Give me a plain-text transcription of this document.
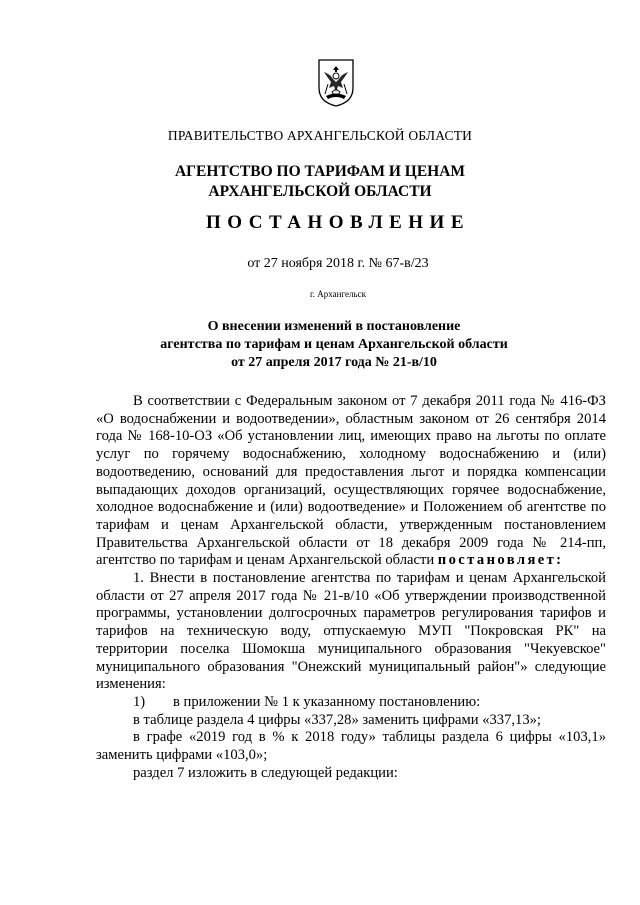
ПРАВИТЕЛЬСТВО АРХАНГЕЛЬСКОЙ ОБЛАСТИ
АГЕНТСТВО ПО ТАРИФАМ И ЦЕНАМ
АРХАНГЕЛЬСКОЙ ОБЛАСТИ
ПОСТАНОВЛЕНИЕ
от 27 ноября 2018 г. № 67-в/23
г. Архангельск
О внесении изменений в постановление
агентства по тарифам и ценам Архангельской области
от 27 апреля 2017 года № 21-в/10

В соответствии с Федеральным законом от 7 декабря 2011 года № 416-ФЗ «О водоснабжении и водоотведении», областным законом от 26 сентября 2014 года № 168-10-ОЗ «Об установлении лиц, имеющих право на льготы по оплате услуг по горячему водоснабжению, холодному водоснабжению и (или) водоотведению, оснований для предоставления льгот и порядка компенсации выпадающих доходов организаций, осуществляющих горячее водоснабжение, холодное водоснабжение и (или) водоотведение» и Положением об агентстве по тарифам и ценам Архангельской области, утвержденным постановлением Правительства Архангельской области от 18 декабря 2009 года № 214-пп, агентство по тарифам и ценам Архангельской области постановляет:

1. Внести в постановление агентства по тарифам и ценам Архангельской области от 27 апреля 2017 года № 21-в/10 «Об утверждении производственной программы, установлении долгосрочных параметров регулирования тарифов и тарифов на техническую воду, отпускаемую МУП "Покровская РК" на территории поселка Шомокша муниципального образования "Чекуевское" муниципального образования "Онежский муниципальный район"» следующие изменения:

1) в приложении № 1 к указанному постановлению:

в таблице раздела 4 цифры «337,28» заменить цифрами «337,13»;

в графе «2019 год в % к 2018 году» таблицы раздела 6 цифры «103,1» заменить цифрами «103,0»;

раздел 7 изложить в следующей редакции:
